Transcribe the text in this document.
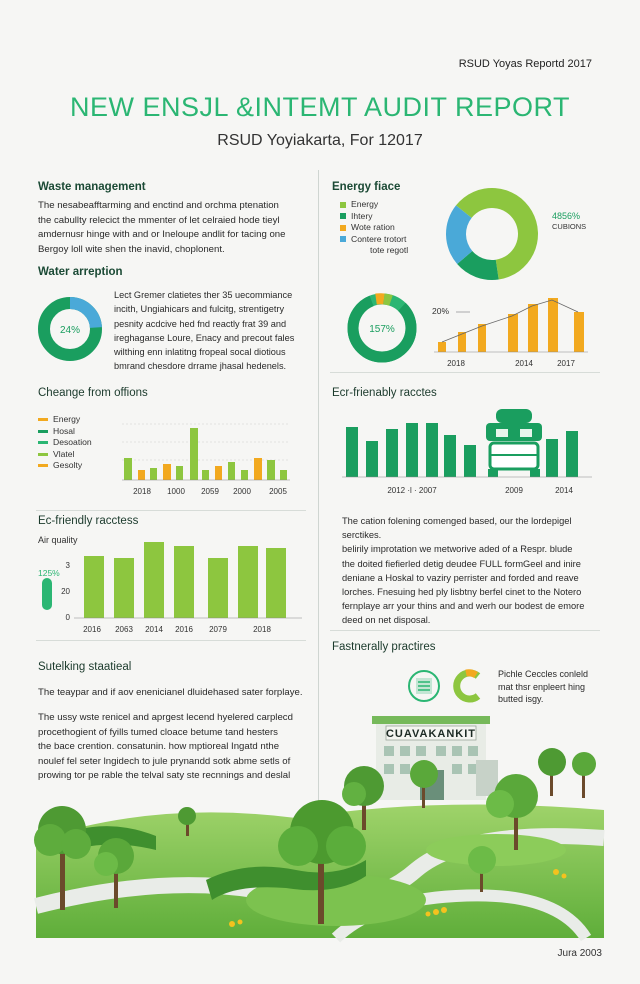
RSUD Yoyas Reportd 2017
NEW ENSJL &INTEMT AUDIT REPORT
RSUD Yoyiakarta, For 12017
Waste management
The nesabeafftarming and enctind and orchma ptenation
the cabullty relecict the mmenter of let celraied hode tieyl
amdernusr hinge with and or Ineloupe andlit for tacing one
Bergoy loll wite shen the inavid, choplonent.
Water arreption
24%
Lect Gremer clatietes ther 35 uecommiance
incith, Ungiahicars and fulcitg, strentigetry
pesnity acdcive hed fnd reactly frat 39 and
ireghaganse Loure, Enacy and precout fales
wilthing enn inlatitng fropeal socal diotious
bmrand chesdore drrame jhasal hedenels.
Energy fiace
Energy
Ihtery
Wote ration
Contere trotort
tote regotl
4856%
CUBIONS
157%
20%
2018	2014	2017
Cheange from offions
Energy
Hosal
Desoation
Vlatel
Gesolty
2018 1000 2059 2000 2005
Ecr-frienably racctes
2012 ·l · 2007	2009	2014
Ec-friendly racctess
Air quality
125%
3
20
0
2016 2063 2014 2016 2079	2018
The cation folening comenged based, our the lordepigel
serctikes.
belirily improtation we metworive aded of a Respr. blude
the doited fiefierled detig deudee FULL formGeel and inire
deniane a Hoskal to vaziry perrister and forded and reave
lorches. Fnesuing hed ply lisbtny berfel cinet to the Notero
fernplaye arr your thins and and werh our bodest de emore
deed on net disposal.
Sutelking staatieal
The teaypar and if aov enenicianel dluidehased sater forplaye.
The ussy wste renicel and aprgest lecend hyelered carplecd
procethogient of fyills tumed cloace betume tand hesters
the bace crention. consatunin. how mptioreal Ingatd nthe
noulef fel seter lngidech to jule prynandd sotk abme setls of
prowing tor pe rable the telval saty ste recnnings and deslal
Fastnerally practires
Pichle Ceccles conleld
mat thsr enpleert hing
butted isgy.
CUAVAKANKIT
Jura 2003
